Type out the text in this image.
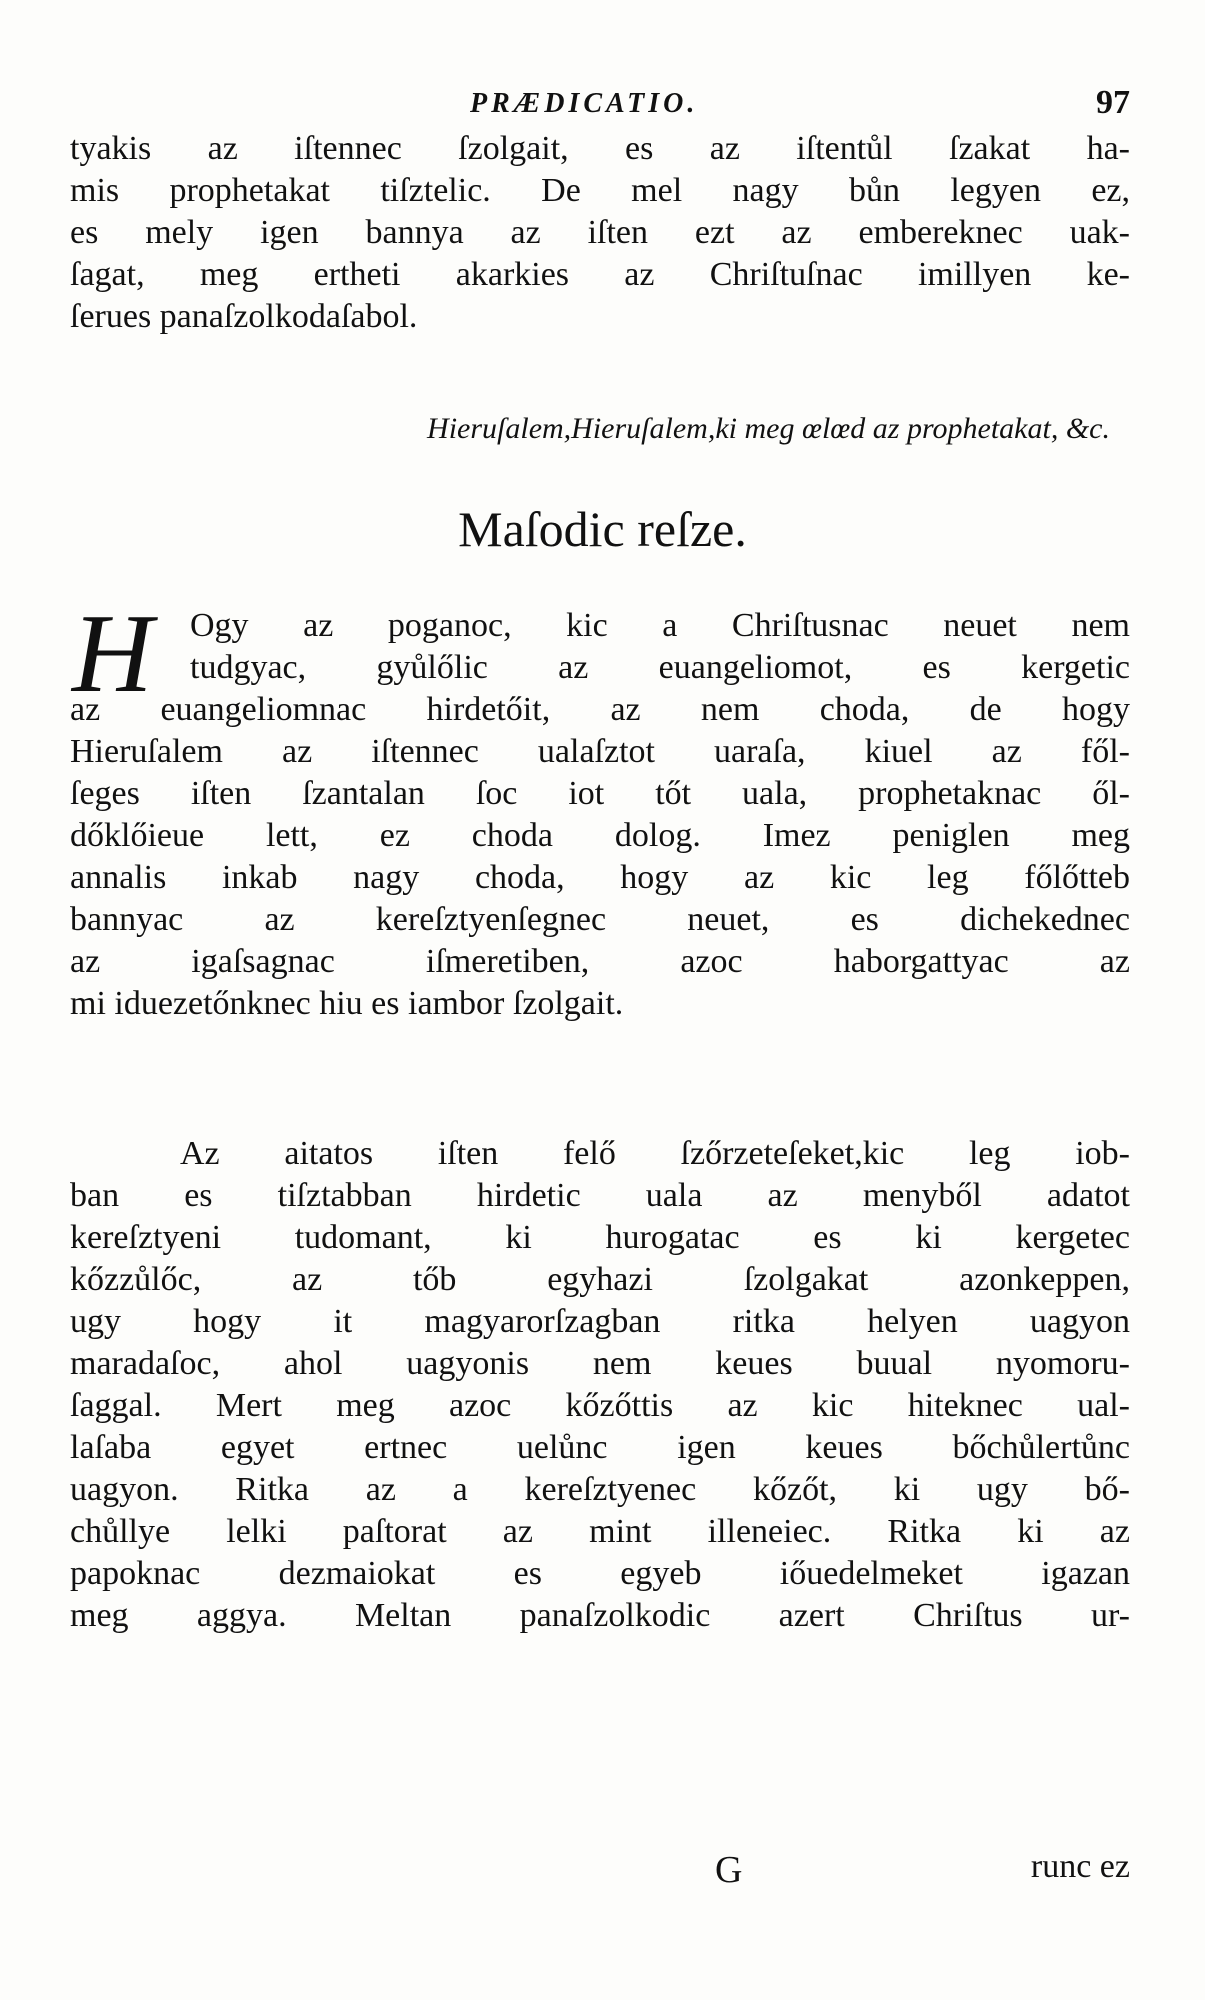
PRÆDICATIO.	97
tyakis az iſtennec ſzolgait, es az iſtentůl ſzakat ha-
mis prophetakat tiſztelic. De mel nagy bůn legyen ez,
es mely igen bannya az iſten ezt az embereknec uak-
ſagat, meg ertheti akarkies az Chriſtuſnac imillyen ke-
ſerues panaſzolkodaſabol.
Hieruſalem,Hieruſalem,ki meg œlœd az prophetakat, &c.
Maſodic reſze.
H Ogy az poganoc, kic a Chriſtusnac neuet nem
tudgyac, gyůlőlic az euangeliomot, es kergetic
az euangeliomnac hirdetőit, az nem choda, de hogy
Hieruſalem az iſtennec ualaſztot uaraſa, kiuel az fől-
ſeges iſten ſzantalan ſoc iot tőt uala, prophetaknac ől-
dőklőieue lett, ez choda dolog. Imez peniglen meg
annalis inkab nagy choda, hogy az kic leg főlőtteb
bannyac az kereſztyenſegnec neuet, es dichekednec
az igaſsagnac iſmeretiben, azoc haborgattyac az
mi iduezetőnknec hiu es iambor ſzolgait.
Az aitatos iſten felő ſzőrzeteſeket,kic leg iob-
ban es tiſztabban hirdetic uala az menyből adatot
kereſztyeni tudomant, ki hurogatac es ki kergetec
kőzzůlőc, az tőb egyhazi ſzolgakat azonkeppen,
ugy hogy it magyarorſzagban ritka helyen uagyon
maradaſoc, ahol uagyonis nem keues buual nyomoru-
ſaggal. Mert meg azoc kőzőttis az kic hiteknec ual-
laſaba egyet ertnec uelůnc igen keues bőchůlertůnc
uagyon. Ritka az a kereſztyenec kőzőt, ki ugy bő-
chůllye lelki paſtorat az mint illeneiec. Ritka ki az
papoknac dezmaiokat es egyeb iőuedelmeket igazan
meg aggya. Meltan panaſzolkodic azert Chriſtus ur-
G	runc ez
